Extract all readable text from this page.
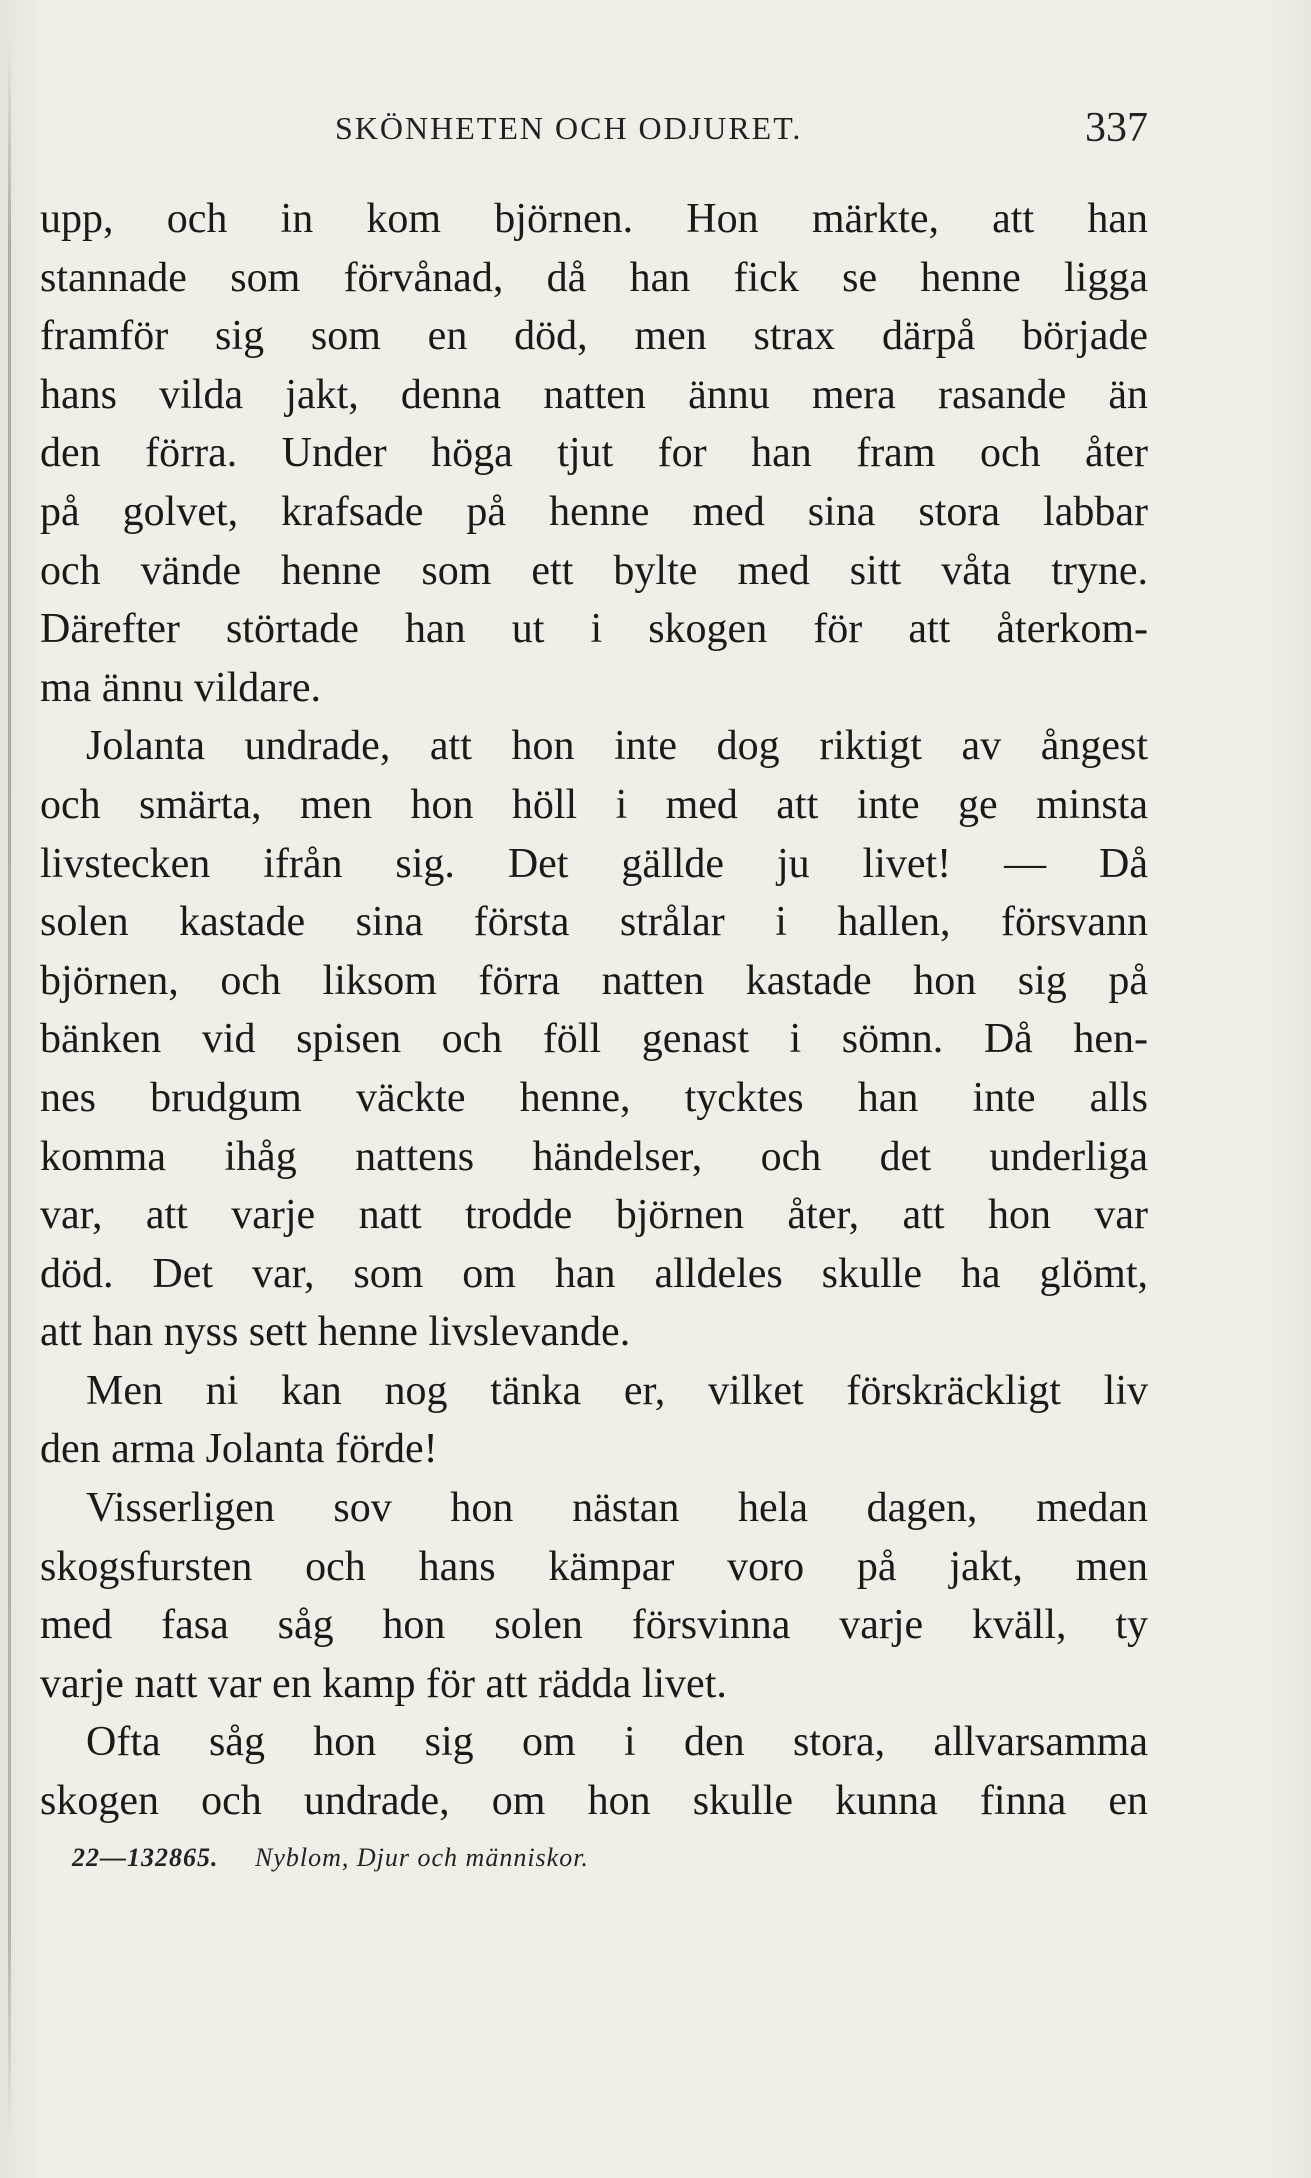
SKÖNHETEN OCH ODJURET.	337
upp, och in kom björnen. Hon märkte, att han
stannade som förvånad, då han fick se henne ligga
framför sig som en död, men strax därpå började
hans vilda jakt, denna natten ännu mera rasande än
den förra. Under höga tjut for han fram och åter
på golvet, krafsade på henne med sina stora labbar
och vände henne som ett bylte med sitt våta tryne.
Därefter störtade han ut i skogen för att återkom-
ma ännu vildare.
Jolanta undrade, att hon inte dog riktigt av ångest
och smärta, men hon höll i med att inte ge minsta
livstecken ifrån sig. Det gällde ju livet! — Då
solen kastade sina första strålar i hallen, försvann
björnen, och liksom förra natten kastade hon sig på
bänken vid spisen och föll genast i sömn. Då hen-
nes brudgum väckte henne, tycktes han inte alls
komma ihåg nattens händelser, och det underliga
var, att varje natt trodde björnen åter, att hon var
död. Det var, som om han alldeles skulle ha glömt,
att han nyss sett henne livslevande.
Men ni kan nog tänka er, vilket förskräckligt liv
den arma Jolanta förde!
Visserligen sov hon nästan hela dagen, medan
skogsfursten och hans kämpar voro på jakt, men
med fasa såg hon solen försvinna varje kväll, ty
varje natt var en kamp för att rädda livet.
Ofta såg hon sig om i den stora, allvarsamma
skogen och undrade, om hon skulle kunna finna en
22—132865. Nyblom, Djur och människor.
